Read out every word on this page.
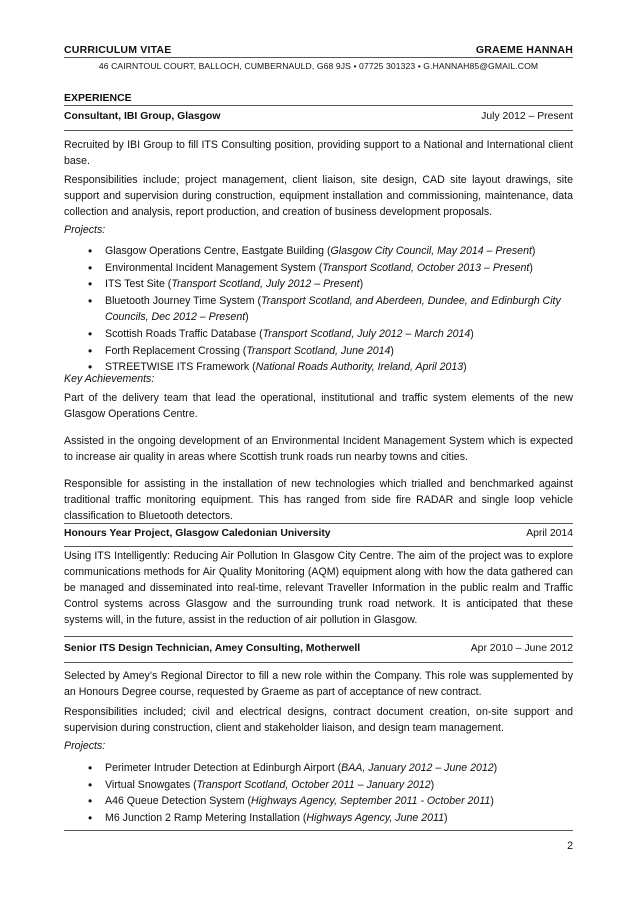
CURRICULUM VITAE	GRAEME HANNAH
46 CAIRNTOUL COURT, BALLOCH, CUMBERNAULD, G68 9JS • 07725 301323 • G.HANNAH85@GMAIL.COM
EXPERIENCE
Consultant, IBI Group, Glasgow	July 2012 – Present
Recruited by IBI Group to fill ITS Consulting position, providing support to a National and International client base.
Responsibilities include; project management, client liaison, site design, CAD site layout drawings, site support and supervision during construction, equipment installation and commissioning, maintenance, data collection and analysis, report production, and creation of business development proposals.
Projects:
• Glasgow Operations Centre, Eastgate Building (Glasgow City Council, May 2014 – Present)
• Environmental Incident Management System (Transport Scotland, October 2013 – Present)
• ITS Test Site (Transport Scotland, July 2012 – Present)
• Bluetooth Journey Time System (Transport Scotland, and Aberdeen, Dundee, and Edinburgh City Councils, Dec 2012 – Present)
• Scottish Roads Traffic Database (Transport Scotland, July 2012 – March 2014)
• Forth Replacement Crossing (Transport Scotland, June 2014)
• STREETWISE ITS Framework (National Roads Authority, Ireland, April 2013)
Key Achievements:
Part of the delivery team that lead the operational, institutional and traffic system elements of the new Glasgow Operations Centre.
Assisted in the ongoing development of an Environmental Incident Management System which is expected to increase air quality in areas where Scottish trunk roads run nearby towns and cities.
Responsible for assisting in the installation of new technologies which trialled and benchmarked against traditional traffic monitoring equipment. This has ranged from side fire RADAR and single loop vehicle classification to Bluetooth detectors.
Honours Year Project, Glasgow Caledonian University	April 2014
Using ITS Intelligently: Reducing Air Pollution In Glasgow City Centre. The aim of the project was to explore communications methods for Air Quality Monitoring (AQM) equipment along with how the data gathered can be managed and disseminated into real-time, relevant Traveller Information in the public realm and Traffic Control systems across Glasgow and the surrounding trunk road network. It is anticipated that these systems will, in the future, assist in the reduction of air pollution in Glasgow.
Senior ITS Design Technician, Amey Consulting, Motherwell	Apr 2010 – June 2012
Selected by Amey’s Regional Director to fill a new role within the Company. This role was supplemented by an Honours Degree course, requested by Graeme as part of acceptance of new contract.
Responsibilities included; civil and electrical designs, contract document creation, on-site support and supervision during construction, client and stakeholder liaison, and design team management.
Projects:
• Perimeter Intruder Detection at Edinburgh Airport (BAA, January 2012 – June 2012)
• Virtual Snowgates (Transport Scotland, October 2011 – January 2012)
• A46 Queue Detection System (Highways Agency, September 2011 - October 2011)
• M6 Junction 2 Ramp Metering Installation (Highways Agency, June 2011)
2
